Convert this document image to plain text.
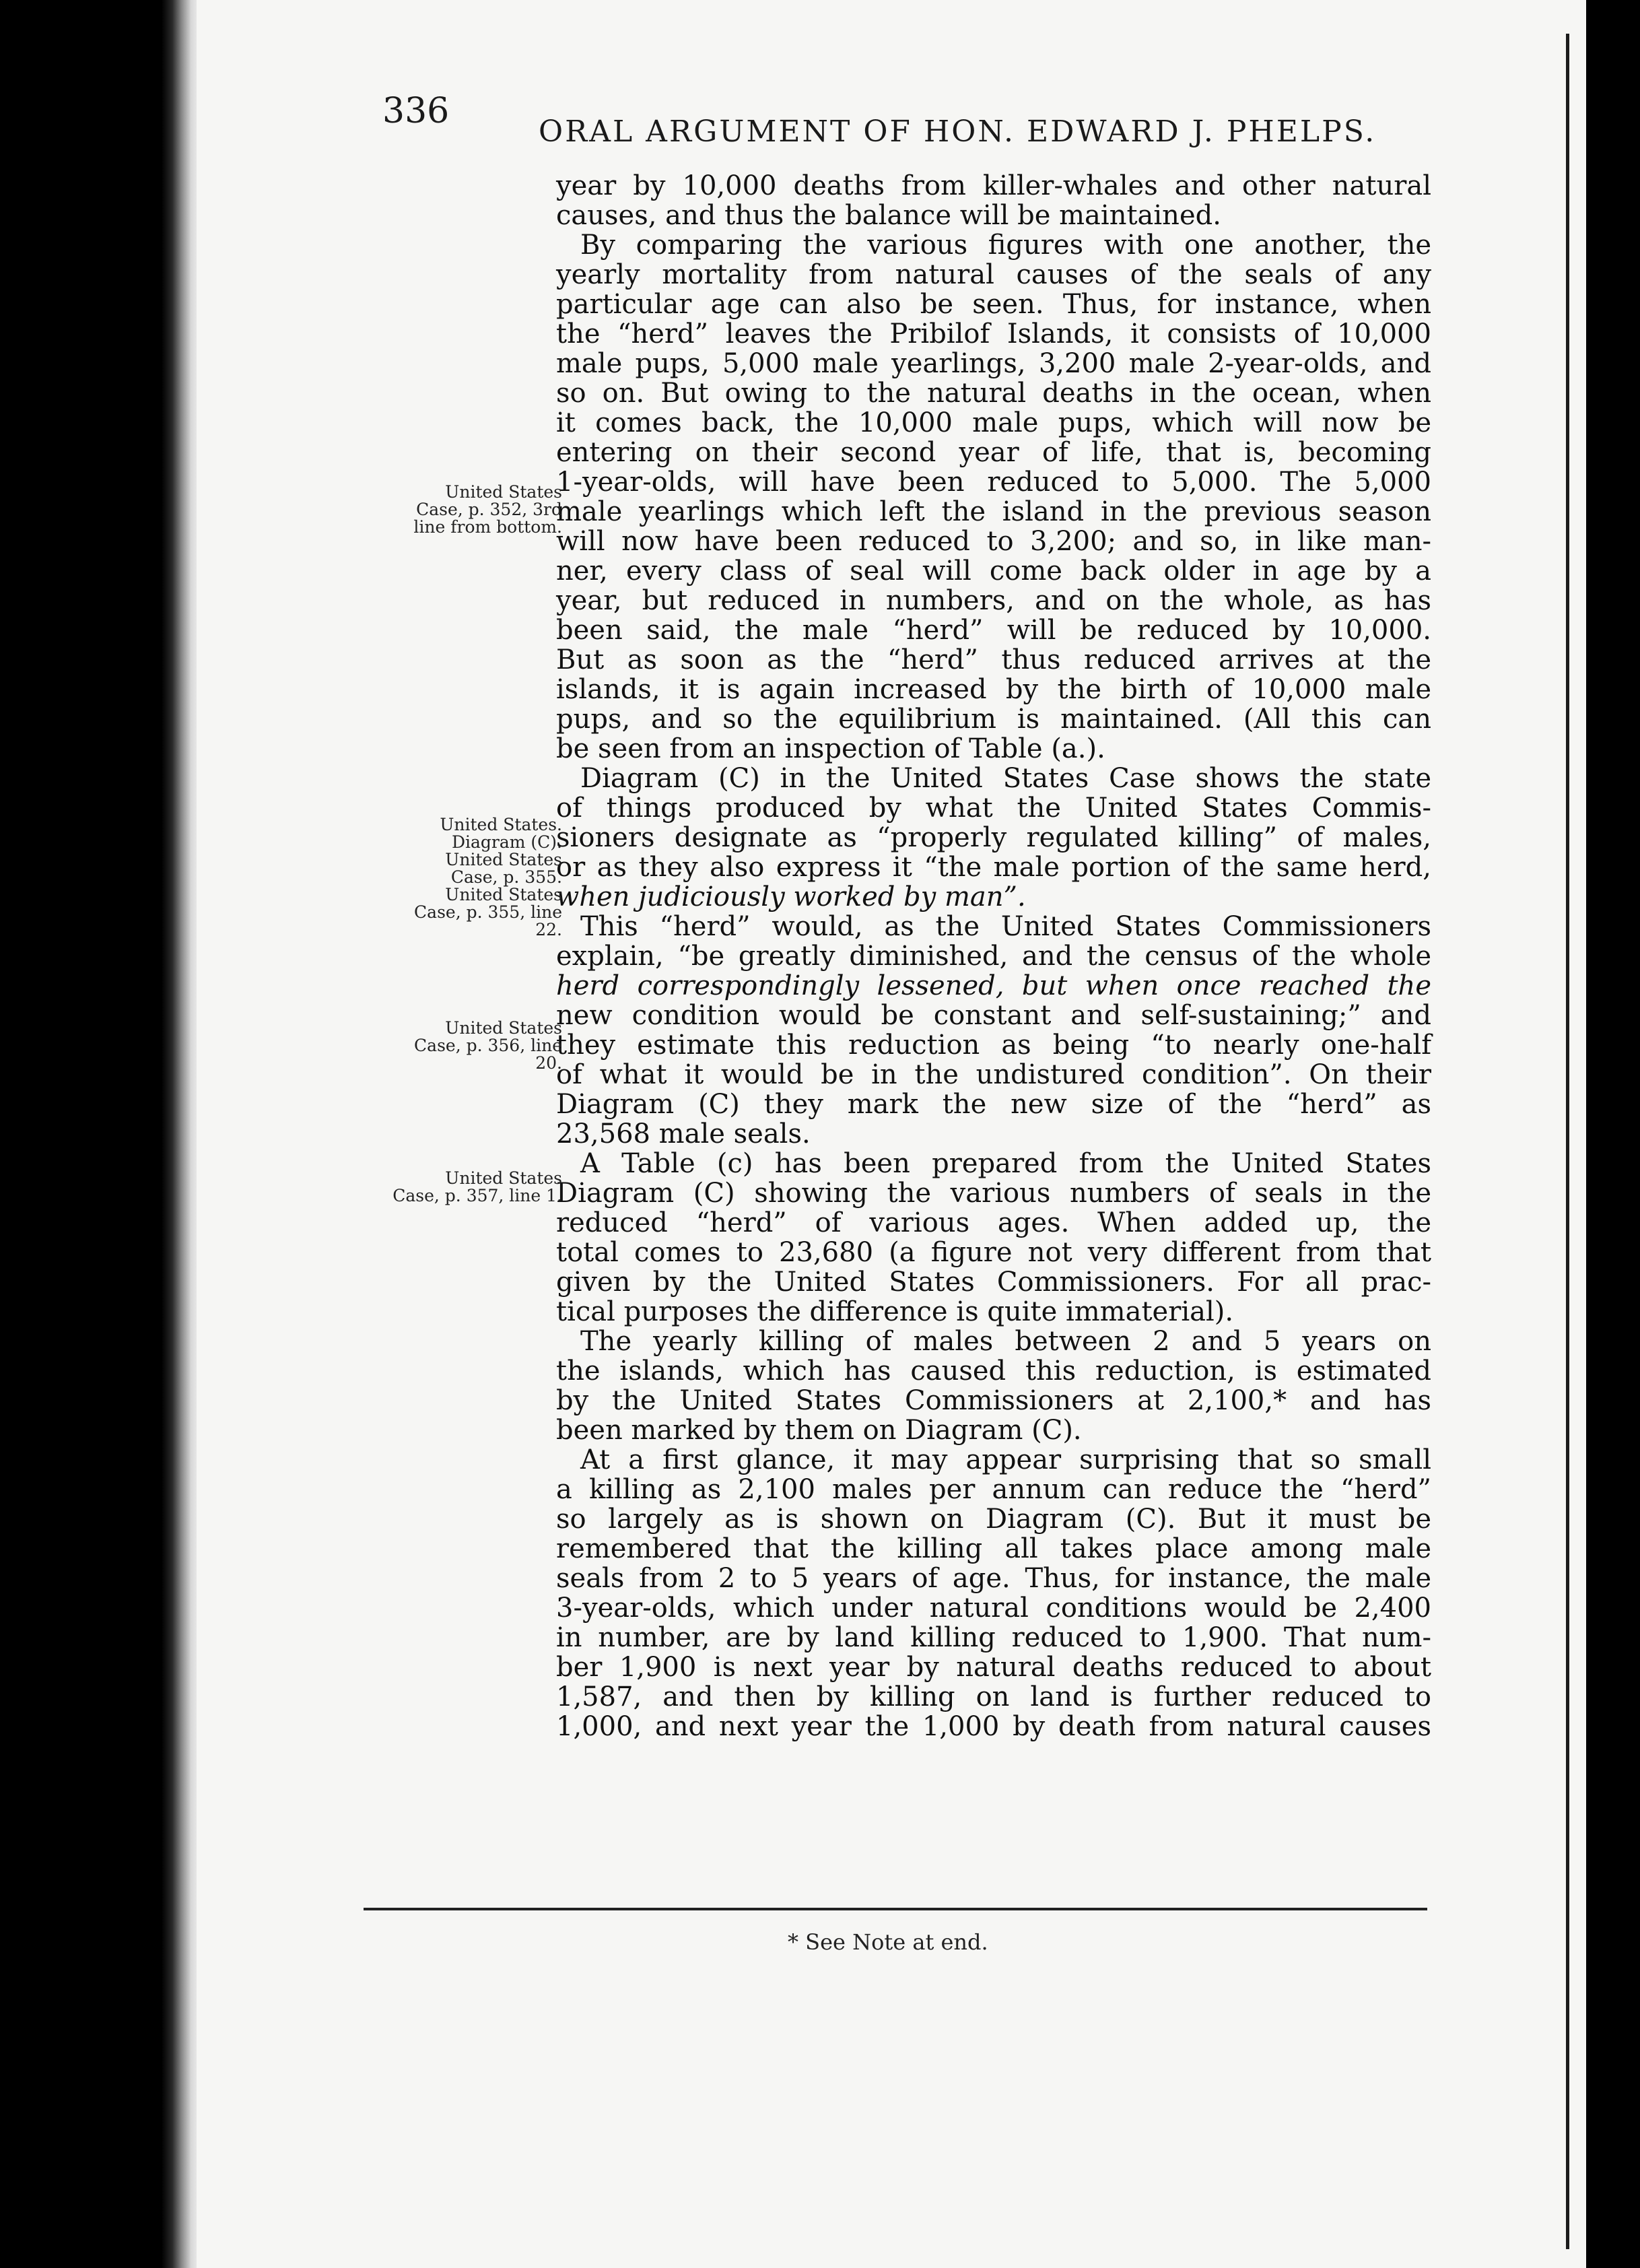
336
ORAL ARGUMENT OF HON. EDWARD J. PHELPS.
year by 10,000 deaths from killer-whales and other natural
causes, and thus the balance will be maintained.
By comparing the various figures with one another, the
yearly mortality from natural causes of the seals of any
particular age can also be seen. Thus, for instance, when
the “herd” leaves the Pribilof Islands, it consists of 10,000
male pups, 5,000 male yearlings, 3,200 male 2-year-olds, and
so on. But owing to the natural deaths in the ocean, when
it comes back, the 10,000 male pups, which will now be
entering on their second year of life, that is, becoming
1-year-olds, will have been reduced to 5,000. The 5,000
male yearlings which left the island in the previous season
will now have been reduced to 3,200; and so, in like man-
ner, every class of seal will come back older in age by a
year, but reduced in numbers, and on the whole, as has
been said, the male “herd” will be reduced by 10,000.
But as soon as the “herd” thus reduced arrives at the
islands, it is again increased by the birth of 10,000 male
pups, and so the equilibrium is maintained. (All this can
be seen from an inspection of Table (a.).
Diagram (C) in the United States Case shows the state
of things produced by what the United States Commis-
sioners designate as “properly regulated killing” of males,
or as they also express it “the male portion of the same herd,
when judiciously worked by man”.
This “herd” would, as the United States Commissioners
explain, “be greatly diminished, and the census of the whole
herd correspondingly lessened, but when once reached the
new condition would be constant and self-sustaining;” and
they estimate this reduction as being “to nearly one-half
of what it would be in the undistured condition”. On their
Diagram (C) they mark the new size of the “herd” as
23,568 male seals.
A Table (c) has been prepared from the United States
Diagram (C) showing the various numbers of seals in the
reduced “herd” of various ages. When added up, the
total comes to 23,680 (a figure not very different from that
given by the United States Commissioners. For all prac-
tical purposes the difference is quite immaterial).
The yearly killing of males between 2 and 5 years on
the islands, which has caused this reduction, is estimated
by the United States Commissioners at 2,100,* and has
been marked by them on Diagram (C).
At a first glance, it may appear surprising that so small
a killing as 2,100 males per annum can reduce the “herd”
so largely as is shown on Diagram (C). But it must be
remembered that the killing all takes place among male
seals from 2 to 5 years of age. Thus, for instance, the male
3-year-olds, which under natural conditions would be 2,400
in number, are by land killing reduced to 1,900. That num-
ber 1,900 is next year by natural deaths reduced to about
1,587, and then by killing on land is further reduced to
1,000, and next year the 1,000 by death from natural causes
United States
Case, p. 352, 3rd
line from bottom.
United States.
Diagram (C).
United States
Case, p. 355.
United States
Case, p. 355, line
22.
United States
Case, p. 356, line
20.
United States
Case, p. 357, line 1.

* See Note at end.
